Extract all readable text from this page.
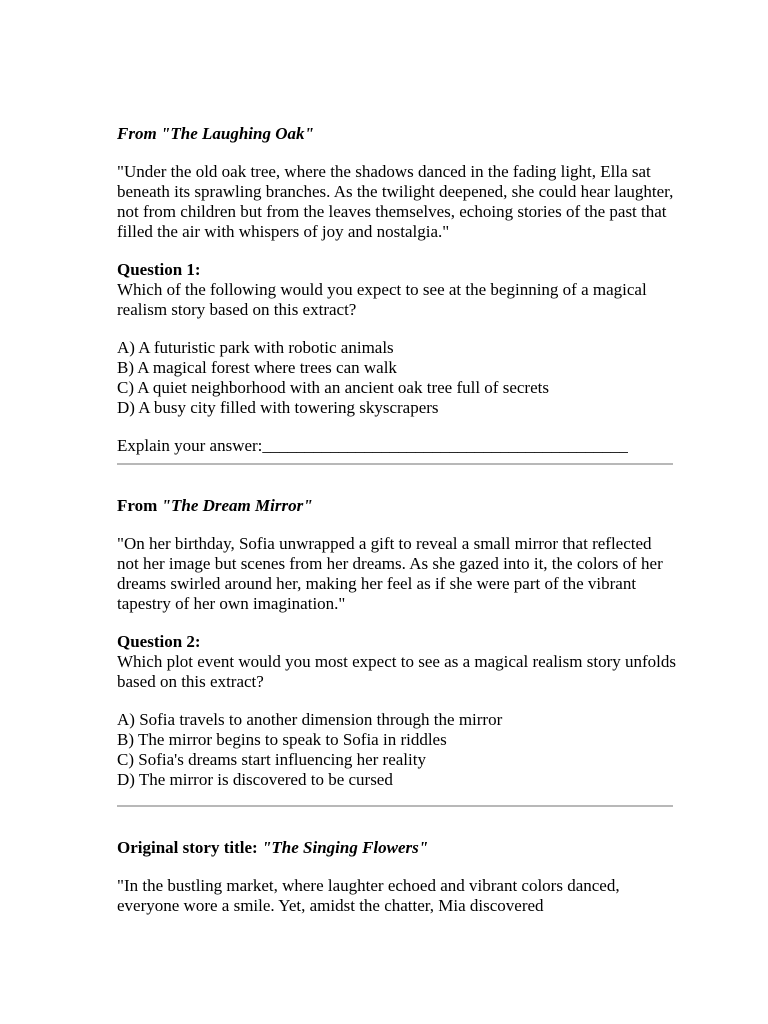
From "The Laughing Oak"

"Under the old oak tree, where the shadows danced in the fading light, Ella sat beneath its sprawling branches. As the twilight deepened, she could hear laughter, not from children but from the leaves themselves, echoing stories of the past that filled the air with whispers of joy and nostalgia."

Question 1:

Which of the following would you expect to see at the beginning of a magical realism story based on this extract?

A) A futuristic park with robotic animals
B) A magical forest where trees can walk
C) A quiet neighborhood with an ancient oak tree full of secrets
D) A busy city filled with towering skyscrapers
Explain your answer:___________________________________________

From "The Dream Mirror"

"On her birthday, Sofia unwrapped a gift to reveal a small mirror that reflected not her image but scenes from her dreams. As she gazed into it, the colors of her dreams swirled around her, making her feel as if she were part of the vibrant tapestry of her own imagination."

Question 2:

Which plot event would you most expect to see as a magical realism story unfolds based on this extract?

A) Sofia travels to another dimension through the mirror
B) The mirror begins to speak to Sofia in riddles
C) Sofia's dreams start influencing her reality
D) The mirror is discovered to be cursed

Original story title: "The Singing Flowers"

"In the bustling market, where laughter echoed and vibrant colors danced, everyone wore a smile. Yet, amidst the chatter, Mia discovered
